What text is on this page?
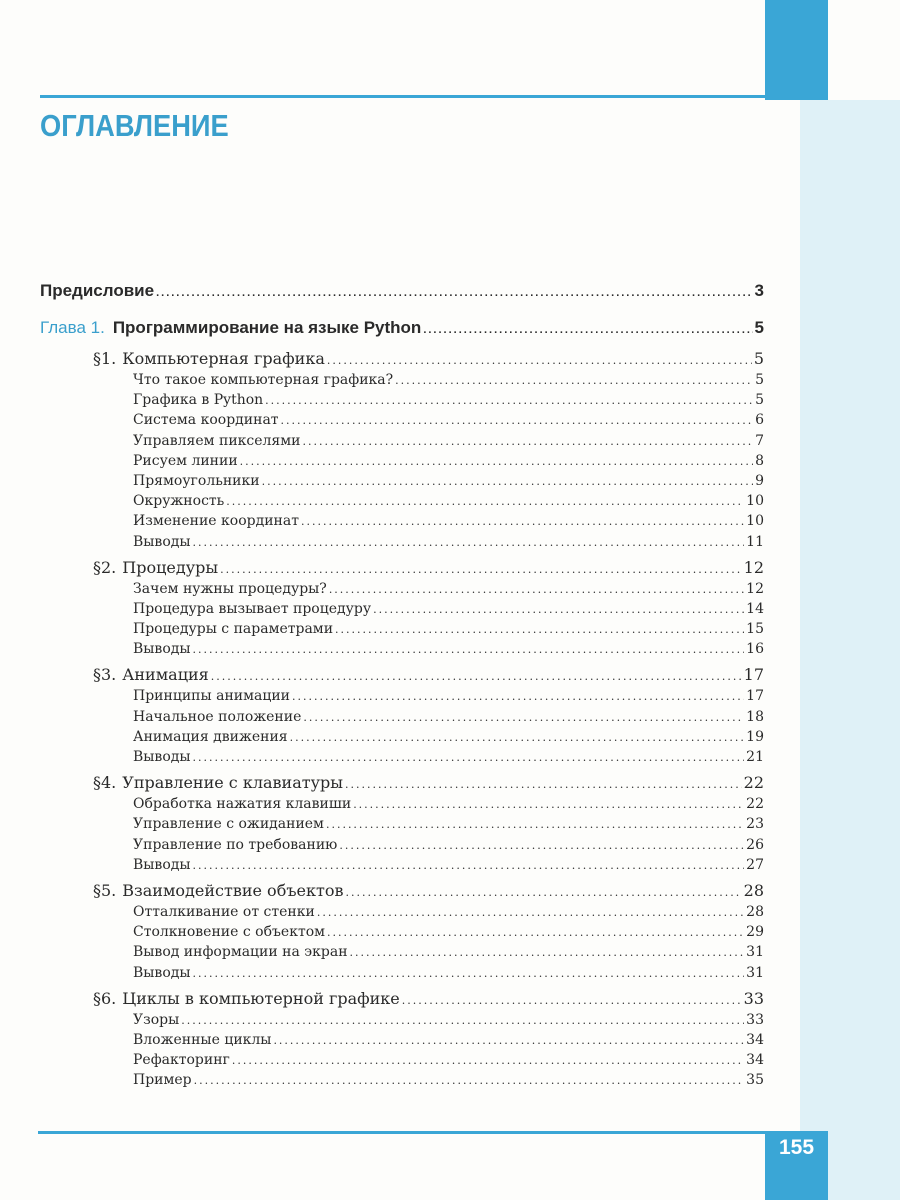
ОГЛАВЛЕНИЕ
Предисловие .....	3
Глава 1. Программирование на языке Python .....	5
§1. Компьютерная графика .....	5
Что такое компьютерная графика? .....	5
Графика в Python .....	5
Система координат .....	6
Управляем пикселями .....	7
Рисуем линии .....	8
Прямоугольники .....	9
Окружность .....	10
Изменение координат .....	10
Выводы .....	11
§2. Процедуры .....	12
Зачем нужны процедуры? .....	12
Процедура вызывает процедуру .....	14
Процедуры с параметрами .....	15
Выводы .....	16
§3. Анимация .....	17
Принципы анимации .....	17
Начальное положение .....	18
Анимация движения .....	19
Выводы .....	21
§4. Управление с клавиатуры .....	22
Обработка нажатия клавиши .....	22
Управление с ожиданием .....	23
Управление по требованию .....	26
Выводы .....	27
§5. Взаимодействие объектов .....	28
Отталкивание от стенки .....	28
Столкновение с объектом .....	29
Вывод информации на экран .....	31
Выводы .....	31
§6. Циклы в компьютерной графике .....	33
Узоры .....	33
Вложенные циклы .....	34
Рефакторинг .....	34
Пример .....	35
155
